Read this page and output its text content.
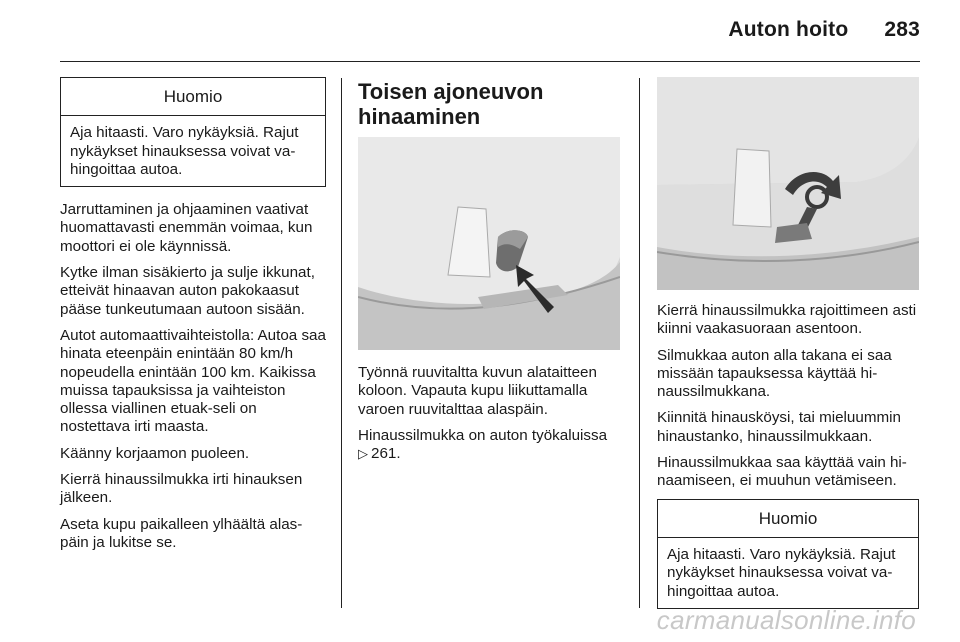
Auton hoito 283
Huomio
Aja hitaasti. Varo nykäyksiä. Rajut nykäykset hinauksessa voivat va-hingoittaa autoa.

Jarruttaminen ja ohjaaminen vaativat huomattavasti enemmän voimaa, kun moottori ei ole käynnissä.

Kytke ilman sisäkierto ja sulje ikkunat, etteivät hinaavan auton pakokaasut pääse tunkeutumaan autoon sisään.

Autot automaattivaihteistolla: Autoa saa hinata eteenpäin enintään 80 km/h nopeudella enintään 100 km. Kaikissa muissa tapauksissa ja vaihteiston ollessa viallinen etuak-seli on nostettava irti maasta.

Käänny korjaamon puoleen.

Kierrä hinaussilmukka irti hinauksen jälkeen.

Aseta kupu paikalleen ylhäältä alas-päin ja lukitse se.

Toisen ajoneuvon hinaaminen

Työnnä ruuvitaltta kuvun alataitteen koloon. Vapauta kupu liikuttamalla varoen ruuvitalttaa alaspäin.

Hinaussilmukka on auton työkaluissa
▷ 261.

Kierrä hinaussilmukka rajoittimeen asti kiinni vaakasuoraan asentoon.

Silmukkaa auton alla takana ei saa missään tapauksessa käyttää hi-naussilmukkana.

Kiinnitä hinausköysi, tai mieluummin hinaustanko, hinaussilmukkaan.

Hinaussilmukkaa saa käyttää vain hi-naamiseen, ei muuhun vetämiseen.

Huomio
Aja hitaasti. Varo nykäyksiä. Rajut nykäykset hinauksessa voivat va-hingoittaa autoa.
carmanualsonline.info
